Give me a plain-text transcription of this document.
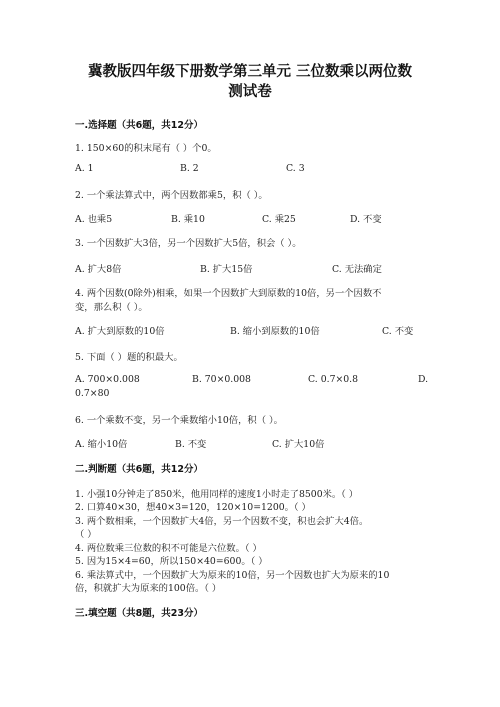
冀教版四年级下册数学第三单元 三位数乘以两位数
测试卷
一.选择题（共6题，共12分）
1. 150×60的积末尾有（ ）个0。
A. 1	B. 2	C. 3
2. 一个乘法算式中，两个因数都乘5，积（ ）。
A. 也乘5	B. 乘10	C. 乘25	D. 不变
3. 一个因数扩大3倍，另一个因数扩大5倍，积会（ ）。
A. 扩大8倍	B. 扩大15倍	C. 无法确定
4. 两个因数(0除外)相乘，如果一个因数扩大到原数的10倍，另一个因数不
变，那么积（ ）。
A. 扩大到原数的10倍	B. 缩小到原数的10倍	C. 不变
5. 下面（ ）题的积最大。
A. 700×0.008	B. 70×0.008	C. 0.7×0.8	D.
0.7×80
6. 一个乘数不变，另一个乘数缩小10倍，积（ ）。
A. 缩小10倍	B. 不变	C. 扩大10倍
二.判断题（共6题，共12分）
1. 小强10分钟走了850米，他用同样的速度1小时走了8500米。（ ）
2. 口算40×30，想40×3=120，120×10=1200。（ ）
3. 两个数相乘，一个因数扩大4倍，另一个因数不变，积也会扩大4倍。
（ ）
4. 两位数乘三位数的积不可能是六位数。（ ）
5. 因为15×4=60，所以150×40=600。（ ）
6. 乘法算式中，一个因数扩大为原来的10倍，另一个因数也扩大为原来的10
倍，积就扩大为原来的100倍。（ ）
三.填空题（共8题，共23分）
